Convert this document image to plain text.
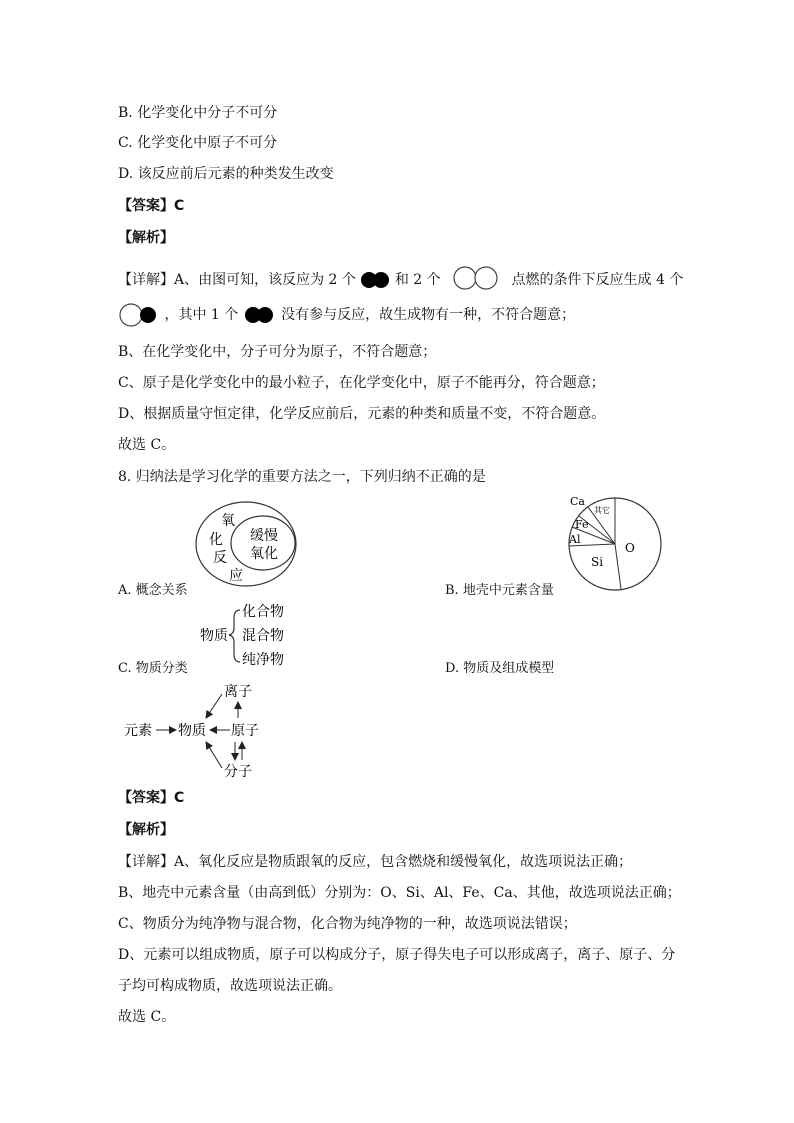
B. 化学变化中分子不可分
C. 化学变化中原子不可分
D. 该反应前后元素的种类发生改变
【答案】C
【解析】
【详解】A、由图可知，该反应为 2 个	和 2 个	点燃的条件下反应生成 4 个
，其中 1 个	没有参与反应，故生成物有一种，不符合题意；
B、在化学变化中，分子可分为原子，不符合题意；
C、原子是化学变化中的最小粒子，在化学变化中，原子不能再分，符合题意；
D、根据质量守恒定律，化学反应前后，元素的种类和质量不变，不符合题意。
故选 C。
8. 归纳法是学习化学的重要方法之一，下列归纳不正确的是
氧
化
反
应
缓慢
氧化
A. 概念关系
Ca
其它
Fe
Al
Si
O
B. 地壳中元素含量
物质
化合物
混合物
纯净物
C. 物质分类	D. 物质及组成模型
离子
元素 物质 原子
分子
【答案】C
【解析】
【详解】A、氧化反应是物质跟氧的反应，包含燃烧和缓慢氧化，故选项说法正确；
B、地壳中元素含量（由高到低）分别为：O、Si、Al、Fe、Ca、其他，故选项说法正确；
C、物质分为纯净物与混合物，化合物为纯净物的一种，故选项说法错误；
D、元素可以组成物质，原子可以构成分子，原子得失电子可以形成离子，离子、原子、分
子均可构成物质，故选项说法正确。
故选 C。
